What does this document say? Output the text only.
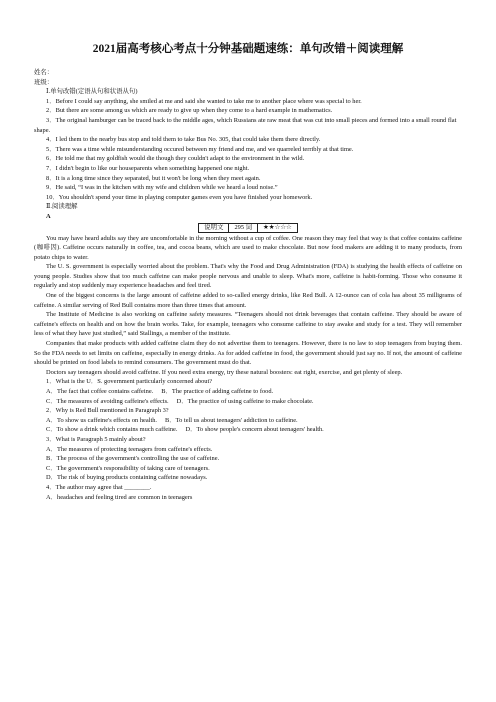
2021届高考核心考点十分钟基础题速练：单句改错＋阅读理解
姓名：
班级：
Ⅰ.单句改错(定语从句和状语从句)
1．Before I could say anything, she smiled at me and said she wanted to take me to another place where was special to her.
2．But there are some among us which are ready to give up when they come to a hard example in mathematics.
3．The original hamburger can be traced back to the middle ages, which Russians ate raw meat that was cut into small pieces and formed into a small round flat shape.
4．I led them to the nearby bus stop and told them to take Bus No. 305, that could take them there directly.
5．There was a time while misunderstanding occured between my friend and me, and we quarreled terribly at that time.
6．He told me that my goldfish would die though they couldn't adapt to the environment in the wild.
7．I didn't begin to like our houseparents when something happened one night.
8．It is a long time since they separated, but it won't be long when they meet again.
9．He said, “I was in the kitchen with my wife and children while we heard a loud noise.”
10．You shouldn't spend your time in playing computer games even you have finished your homework.
Ⅱ.阅读理解
A
说明文	295 词	★★☆☆☆
You may have heard adults say they are uncomfortable in the morning without a cup of coffee. One reason they may feel that way is that coffee contains caffeine (咖啡因). Caffeine occurs naturally in coffee, tea, and cocoa beans, which are used to make chocolate. But now food makers are adding it to many products, from potato chips to water.
The U. S. government is especially worried about the problem. That's why the Food and Drug Administration (FDA) is studying the health effects of caffeine on young people. Studies show that too much caffeine can make people nervous and unable to sleep. What's more, caffeine is habit-forming. Those who consume it regularly and stop suddenly may experience headaches and feel tired.
One of the biggest concerns is the large amount of caffeine added to so-called energy drinks, like Red Bull. A 12-ounce can of cola has about 35 milligrams of caffeine. A similar serving of Red Bull contains more than three times that amount.
The Institute of Medicine is also working on caffeine safety measures. “Teenagers should not drink beverages that contain caffeine. They should be aware of caffeine's effects on health and on how the brain works. Take, for example, teenagers who consume caffeine to stay awake and study for a test. They will remember less of what they have just studied,” said Stallings, a member of the institute.
Companies that make products with added caffeine claim they do not advertise them to teenagers. However, there is no law to stop teenagers from buying them. So the FDA needs to set limits on caffeine, especially in energy drinks. As for added caffeine in food, the government should just say no. If not, the amount of caffeine should be printed on food labels to remind consumers. The government must do that.
Doctors say teenagers should avoid caffeine. If you need extra energy, try these natural boosters: eat right, exercise, and get plenty of sleep.
1．What is the U．S. government particularly concerned about?
A．The fact that coffee contains caffeine.　 B．The practice of adding caffeine to food.
C．The measures of avoiding caffeine's effects.　 D．The practice of using caffeine to make chocolate.
2．Why is Red Bull mentioned in Paragraph 3?
A．To show us caffeine's effects on health.　 B．To tell us about teenagers' addiction to caffeine.
C．To show a drink which contains much caffeine.　 D．To show people's concern about teenagers' health.
3．What is Paragraph 5 mainly about?
A．The measures of protecting teenagers from caffeine's effects.
B．The process of the government's controlling the use of caffeine.
C．The government's responsibility of taking care of teenagers.
D．The risk of buying products containing caffeine nowadays.
4．The author may agree that ________.
A．headaches and feeling tired are common in teenagers
